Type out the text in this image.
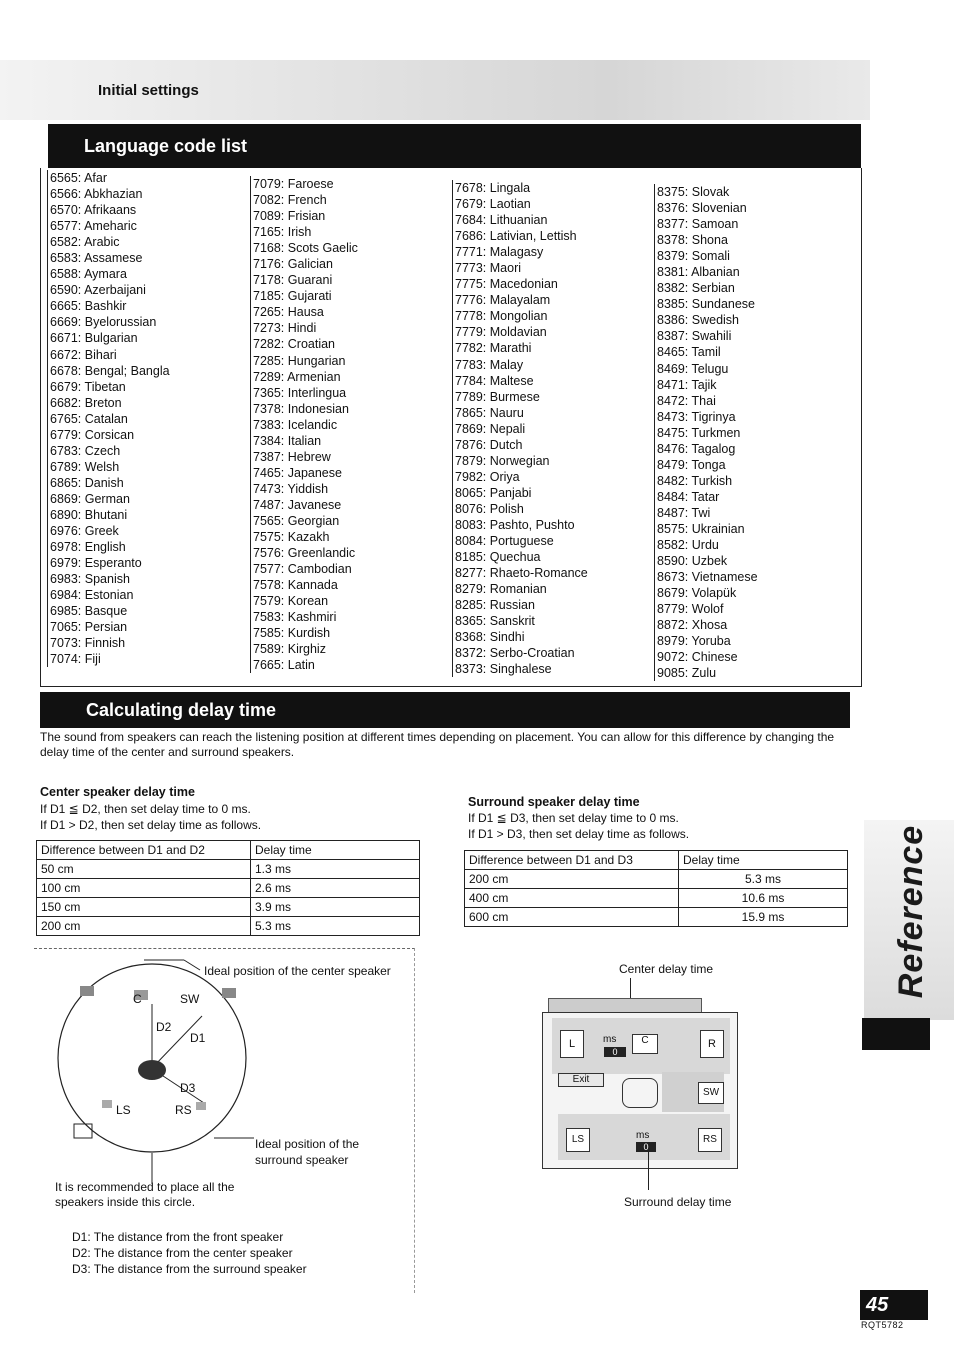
Initial settings
Language code list
6565: Afar
6566: Abkhazian
6570: Afrikaans
6577: Ameharic
6582: Arabic
6583: Assamese
6588: Aymara
6590: Azerbaijani
6665: Bashkir
6669: Byelorussian
6671: Bulgarian
6672: Bihari
6678: Bengal; Bangla
6679: Tibetan
6682: Breton
6765: Catalan
6779: Corsican
6783: Czech
6789: Welsh
6865: Danish
6869: German
6890: Bhutani
6976: Greek
6978: English
6979: Esperanto
6983: Spanish
6984: Estonian
6985: Basque
7065: Persian
7073: Finnish
7074: Fiji
7079: Faroese
7082: French
7089: Frisian
7165: Irish
7168: Scots Gaelic
7176: Galician
7178: Guarani
7185: Gujarati
7265: Hausa
7273: Hindi
7282: Croatian
7285: Hungarian
7289: Armenian
7365: Interlingua
7378: Indonesian
7383: Icelandic
7384: Italian
7387: Hebrew
7465: Japanese
7473: Yiddish
7487: Javanese
7565: Georgian
7575: Kazakh
7576: Greenlandic
7577: Cambodian
7578: Kannada
7579: Korean
7583: Kashmiri
7585: Kurdish
7589: Kirghiz
7665: Latin
7678: Lingala
7679: Laotian
7684: Lithuanian
7686: Lativian, Lettish
7771: Malagasy
7773: Maori
7775: Macedonian
7776: Malayalam
7778: Mongolian
7779: Moldavian
7782: Marathi
7783: Malay
7784: Maltese
7789: Burmese
7865: Nauru
7869: Nepali
7876: Dutch
7879: Norwegian
7982: Oriya
8065: Panjabi
8076: Polish
8083: Pashto, Pushto
8084: Portuguese
8185: Quechua
8277: Rhaeto-Romance
8279: Romanian
8285: Russian
8365: Sanskrit
8368: Sindhi
8372: Serbo-Croatian
8373: Singhalese
8375: Slovak
8376: Slovenian
8377: Samoan
8378: Shona
8379: Somali
8381: Albanian
8382: Serbian
8385: Sundanese
8386: Swedish
8387: Swahili
8465: Tamil
8469: Telugu
8471: Tajik
8472: Thai
8473: Tigrinya
8475: Turkmen
8476: Tagalog
8479: Tonga
8482: Turkish
8484: Tatar
8487: Twi
8575: Ukrainian
8582: Urdu
8590: Uzbek
8673: Vietnamese
8679: Volapük
8779: Wolof
8872: Xhosa
8979: Yoruba
9072: Chinese
9085: Zulu
Calculating delay time
The sound from speakers can reach the listening position at different times depending on placement. You can allow for this difference by changing the delay time of the center and surround speakers.
Center speaker delay time
If D1 ≦ D2, then set delay time to 0 ms.
If D1 > D2, then set delay time as follows.
Difference between D1 and D2	Delay time
50 cm	1.3 ms
100 cm	2.6 ms
150 cm	3.9 ms
200 cm	5.3 ms
Surround speaker delay time
If D1 ≦ D3, then set delay time to 0 ms.
If D1 > D3, then set delay time as follows.
Difference between D1 and D3	Delay time
200 cm	5.3 ms
400 cm	10.6 ms
600 cm	15.9 ms
Ideal position of the center speaker
C	SW
D2
D1
D3
LS	RS
Ideal position of the
surround speaker
It is recommended to place all the
speakers inside this circle.
D1: The distance from the front speaker
D2: The distance from the center speaker
D3: The distance from the surround speaker
Center delay time
L	ms
0
C	R
Exit
SW
LS	ms
0
RS
Surround delay time
Reference
45
RQT5782
